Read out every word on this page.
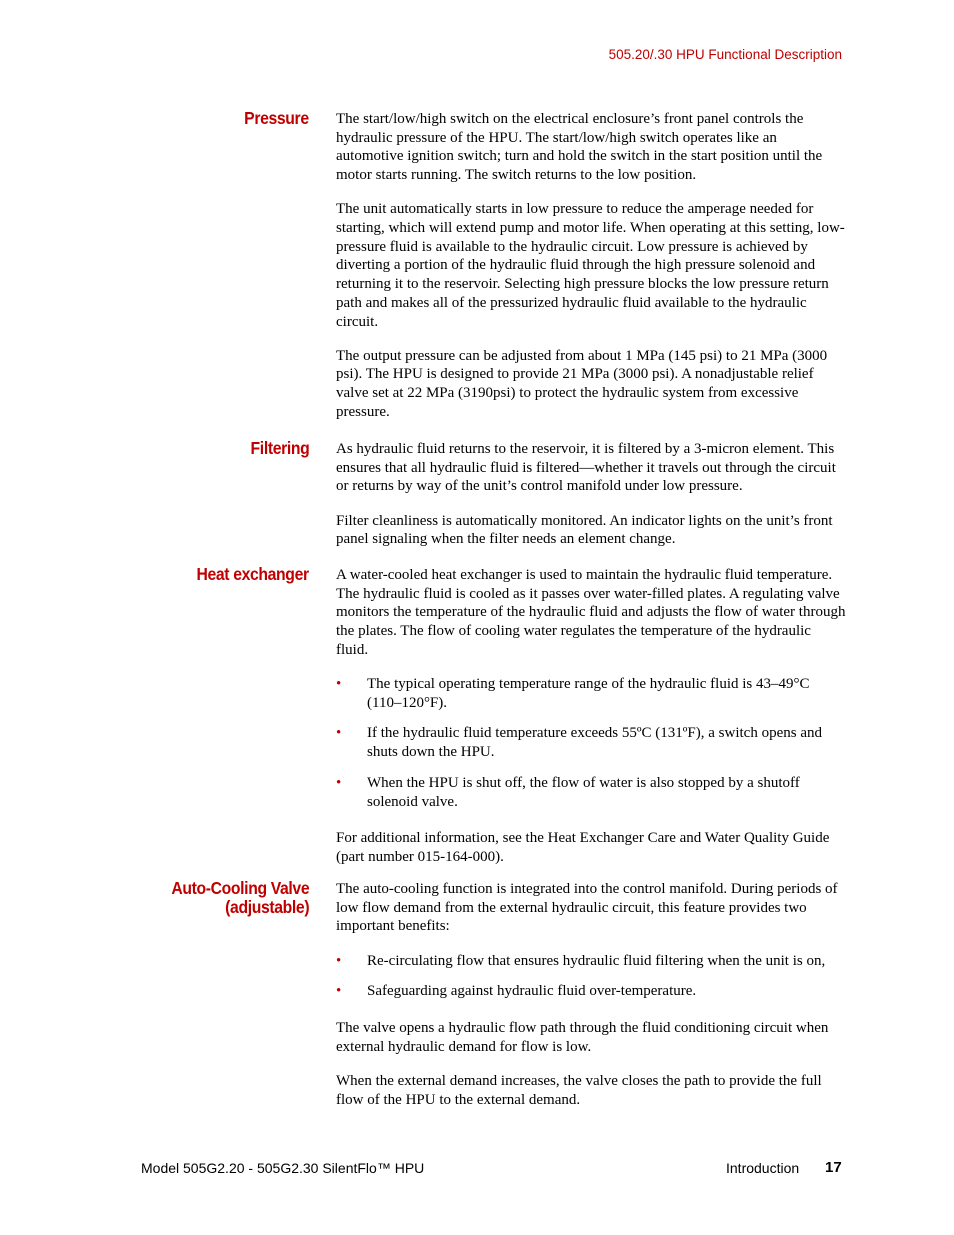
505.20/.30 HPU Functional Description
Pressure The start/low/high switch on the electrical enclosure’s front panel controls the hydraulic pressure of the HPU. The start/low/high switch operates like an automotive ignition switch; turn and hold the switch in the start position until the motor starts running. The switch returns to the low position.

The unit automatically starts in low pressure to reduce the amperage needed for starting, which will extend pump and motor life. When operating at this setting, low-pressure fluid is available to the hydraulic circuit. Low pressure is achieved by diverting a portion of the hydraulic fluid through the high pressure solenoid and returning it to the reservoir. Selecting high pressure blocks the low pressure return path and makes all of the pressurized hydraulic fluid available to the hydraulic circuit.

The output pressure can be adjusted from about 1 MPa (145 psi) to 21 MPa (3000 psi). The HPU is designed to provide 21 MPa (3000 psi). A nonadjustable relief valve set at 22 MPa (3190psi) to protect the hydraulic system from excessive pressure.

Filtering As hydraulic fluid returns to the reservoir, it is filtered by a 3-micron element. This ensures that all hydraulic fluid is filtered—whether it travels out through the circuit or returns by way of the unit’s control manifold under low pressure.

Filter cleanliness is automatically monitored. An indicator lights on the unit’s front panel signaling when the filter needs an element change.

Heat exchanger A water-cooled heat exchanger is used to maintain the hydraulic fluid temperature. The hydraulic fluid is cooled as it passes over water-filled plates. A regulating valve monitors the temperature of the hydraulic fluid and adjusts the flow of water through the plates. The flow of cooling water regulates the temperature of the hydraulic fluid.

• The typical operating temperature range of the hydraulic fluid is 43–49°C (110–120°F).
• If the hydraulic fluid temperature exceeds 55ºC (131ºF), a switch opens and shuts down the HPU.
• When the HPU is shut off, the flow of water is also stopped by a shutoff solenoid valve.

For additional information, see the Heat Exchanger Care and Water Quality Guide (part number 015-164-000).

Auto-Cooling Valve
(adjustable)

The auto-cooling function is integrated into the control manifold. During periods of low flow demand from the external hydraulic circuit, this feature provides two important benefits:

• Re-circulating flow that ensures hydraulic fluid filtering when the unit is on,
• Safeguarding against hydraulic fluid over-temperature.

The valve opens a hydraulic flow path through the fluid conditioning circuit when external hydraulic demand for flow is low.

When the external demand increases, the valve closes the path to provide the full flow of the HPU to the external demand.

Model 505G2.20 - 505G2.30 SilentFlo™ HPU	Introduction 17
